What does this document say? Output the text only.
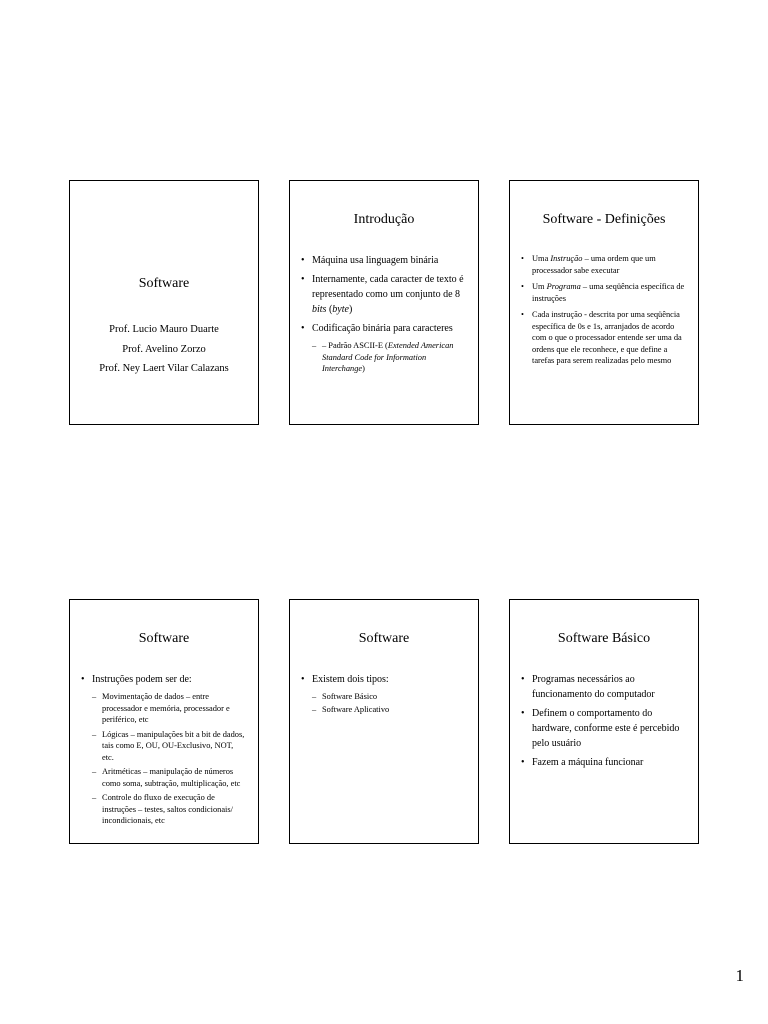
Software
Prof. Lucio Mauro Duarte
Prof. Avelino Zorzo
Prof. Ney Laert Vilar Calazans
Introdução
• Máquina usa linguagem binária
• Internamente, cada caracter de texto é representado como um conjunto de 8 bits (byte)
• Codificação binária para caracteres
– – Padrão ASCII-E (Extended American Standard Code for Information Interchange)
Software - Definições
• Uma Instrução – uma ordem que um processador sabe executar
• Um Programa – uma seqüência específica de instruções
• Cada instrução - descrita por uma seqüência específica de 0s e 1s, arranjados de acordo com o que o processador entende ser uma da ordens que ele reconhece, e que define a tarefas para serem realizadas pelo mesmo
Software
• Instruções podem ser de:
– Movimentação de dados – entre processador e memória, processador e periférico, etc
– Lógicas – manipulações bit a bit de dados, tais como E, OU, OU-Exclusivo, NOT, etc.
– Aritméticas – manipulação de números como soma, subtração, multiplicação, etc
– Controle do fluxo de execução de instruções – testes, saltos condicionais/ incondicionais, etc
Software
• Existem dois tipos:
– Software Básico
– Software Aplicativo
Software Básico
• Programas necessários ao funcionamento do computador
• Definem o comportamento do hardware, conforme este é percebido pelo usuário
• Fazem a máquina funcionar
1
